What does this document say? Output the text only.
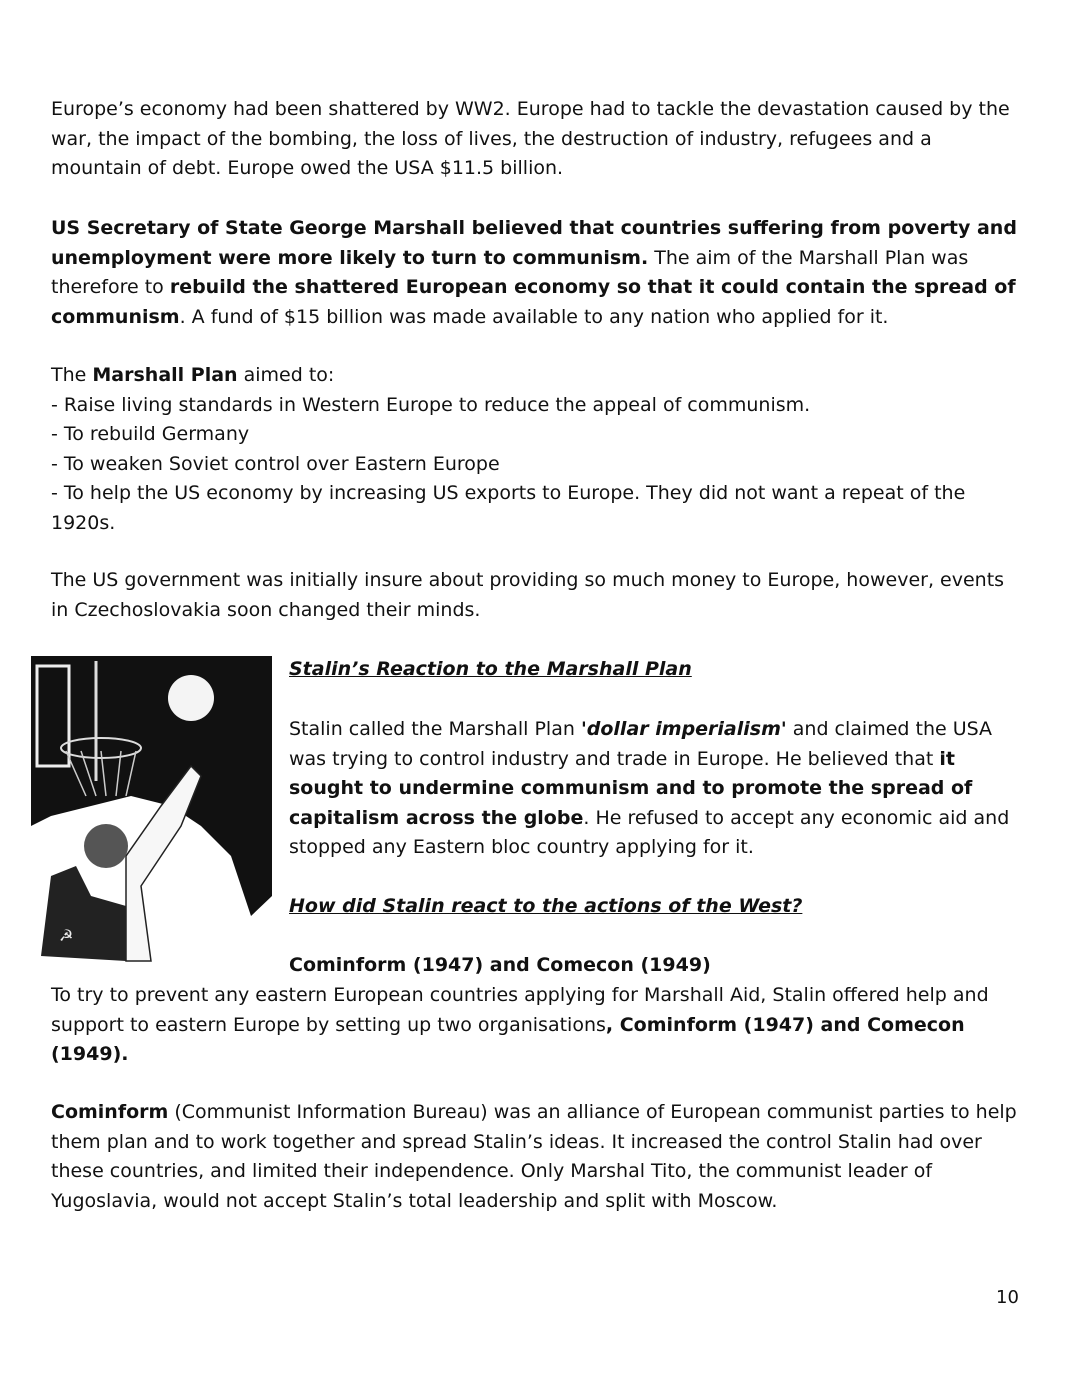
Europe’s economy had been shattered by WW2. Europe had to tackle the devastation caused by the
war, the impact of the bombing, the loss of lives, the destruction of industry, refugees and a
mountain of debt. Europe owed the USA $11.5 billion.
US Secretary of State George Marshall believed that countries suffering from poverty and
unemployment were more likely to turn to communism. The aim of the Marshall Plan was
therefore to rebuild the shattered European economy so that it could contain the spread of
communism. A fund of $15 billion was made available to any nation who applied for it.
The Marshall Plan aimed to:
- Raise living standards in Western Europe to reduce the appeal of communism.
- To rebuild Germany
- To weaken Soviet control over Eastern Europe
- To help the US economy by increasing US exports to Europe. They did not want a repeat of the
1920s.
The US government was initially insure about providing so much money to Europe, however, events
in Czechoslovakia soon changed their minds.
Stalin’s Reaction to the Marshall Plan
Stalin called the Marshall Plan 'dollar imperialism' and claimed the USA
was trying to control industry and trade in Europe. He believed that it
sought to undermine communism and to promote the spread of
capitalism across the globe. He refused to accept any economic aid and
stopped any Eastern bloc country applying for it.
How did Stalin react to the actions of the West?
Cominform (1947) and Comecon (1949)
To try to prevent any eastern European countries applying for Marshall Aid, Stalin offered help and
support to eastern Europe by setting up two organisations, Cominform (1947) and Comecon
(1949).
Cominform (Communist Information Bureau) was an alliance of European communist parties to help
them plan and to work together and spread Stalin’s ideas. It increased the control Stalin had over
these countries, and limited their independence. Only Marshal Tito, the communist leader of
Yugoslavia, would not accept Stalin’s total leadership and split with Moscow.
☭
10
